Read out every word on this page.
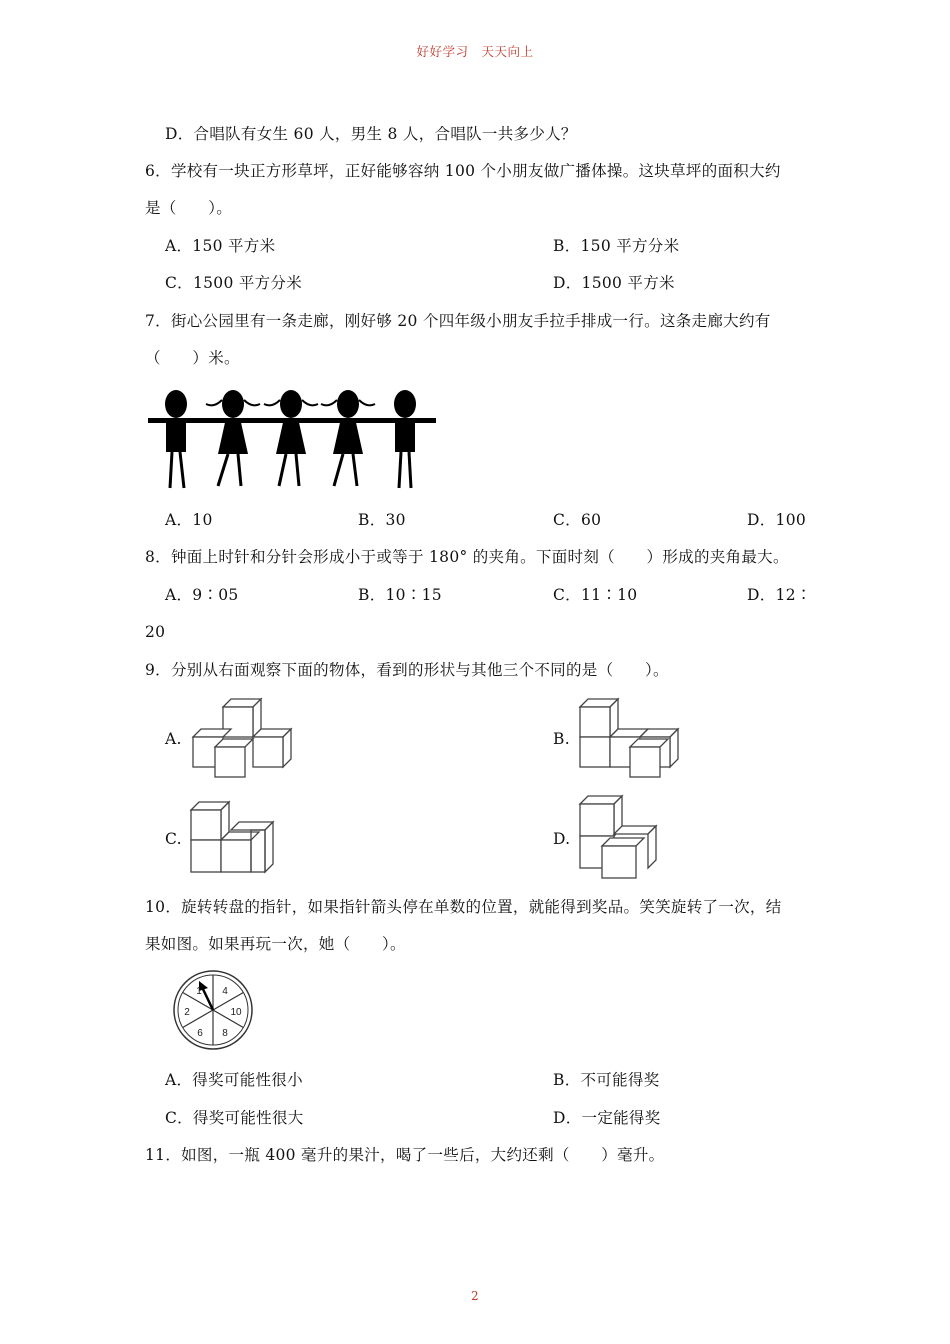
好好学习　天天向上
D．合唱队有女生 60 人，男生 8 人，合唱队一共多少人？
6．学校有一块正方形草坪，正好能够容纳 100 个小朋友做广播体操。这块草坪的面积大约
是（　　）。
A．150 平方米	B．150 平方分米
C．1500 平方分米	D．1500 平方米
7．街心公园里有一条走廊，刚好够 20 个四年级小朋友手拉手排成一行。这条走廊大约有
（　　）米。
A．10	B．30	C．60	D．100
8．钟面上时针和分针会形成小于或等于 180° 的夹角。下面时刻（　　）形成的夹角最大。
A．9∶05	B．10∶15	C．11∶10	D．12∶
20
9．分别从右面观察下面的物体，看到的形状与其他三个不同的是（　　）。
A.	B.
C.	D.
10．旋转转盘的指针，如果指针箭头停在单数的位置，就能得到奖品。笑笑旋转了一次，结
果如图。如果再玩一次，她（　　）。
1 4
2	10
6 8
A．得奖可能性很小	B．不可能得奖
C．得奖可能性很大	D．一定能得奖
11．如图，一瓶 400 毫升的果汁，喝了一些后，大约还剩（　　）毫升。
2
